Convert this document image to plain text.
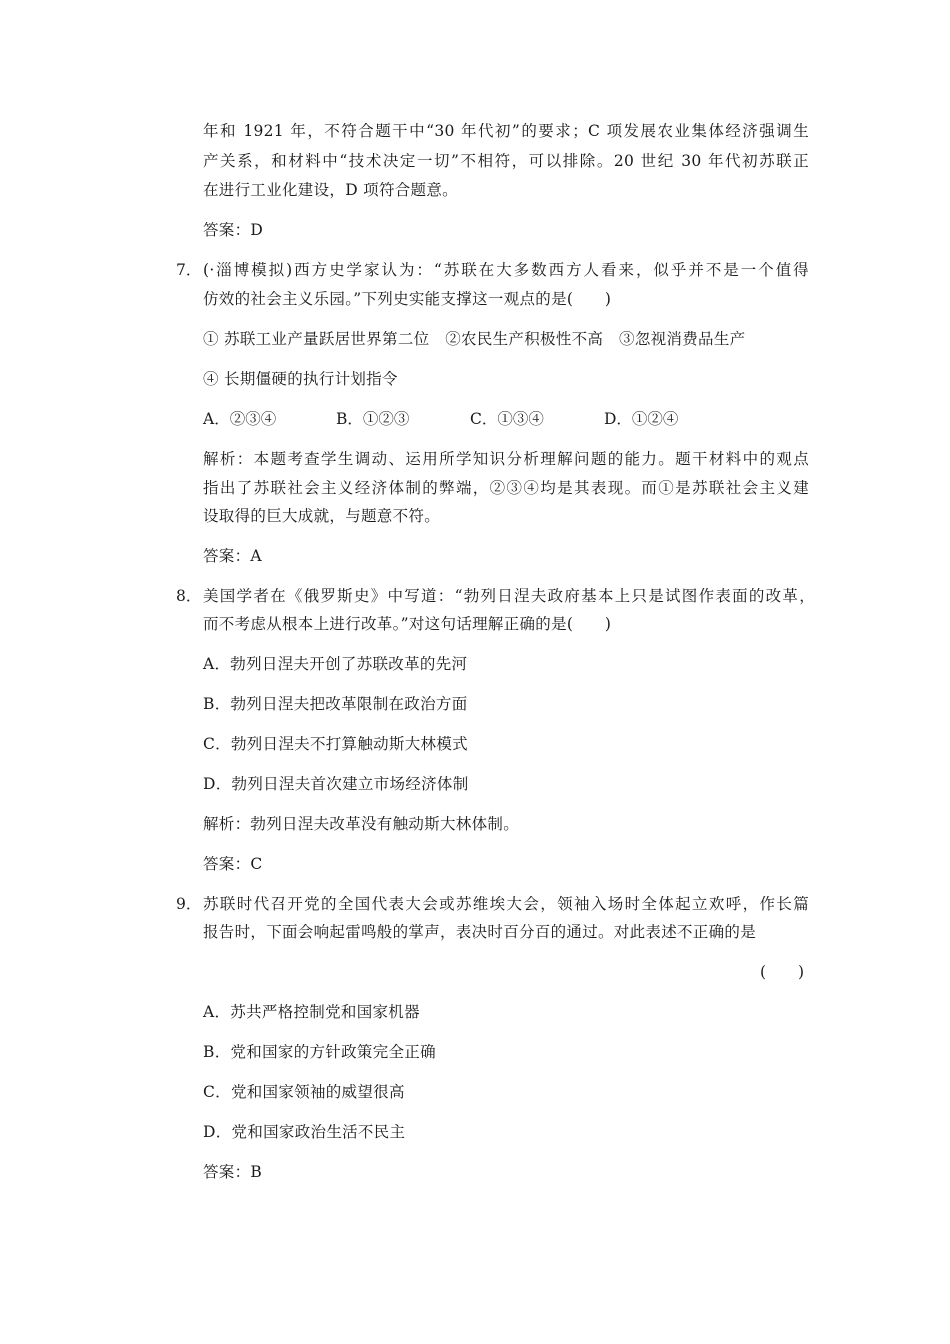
年和 1921 年，不符合题干中“30 年代初”的要求；C 项发展农业集体经济强调生
产关系，和材料中“技术决定一切”不相符，可以排除。20 世纪 30 年代初苏联正
在进行工业化建设，D 项符合题意。
答案：D
7． (·淄博模拟)西方史学家认为：“苏联在大多数西方人看来，似乎并不是一个值得
仿效的社会主义乐园。”下列史实能支撑这一观点的是(　　)
① 苏联工业产量跃居世界第二位　②农民生产积极性不高　③忽视消费品生产
④ 长期僵硬的执行计划指令
A．②③④	B．①②③	C．①③④	D．①②④
解析：本题考查学生调动、运用所学知识分析理解问题的能力。题干材料中的观点
指出了苏联社会主义经济体制的弊端，②③④均是其表现。而①是苏联社会主义建
设取得的巨大成就，与题意不符。
答案：A
8． 美国学者在《俄罗斯史》中写道：“勃列日涅夫政府基本上只是试图作表面的改革，
而不考虑从根本上进行改革。”对这句话理解正确的是(　　)
A．勃列日涅夫开创了苏联改革的先河
B．勃列日涅夫把改革限制在政治方面
C．勃列日涅夫不打算触动斯大林模式
D．勃列日涅夫首次建立市场经济体制
解析：勃列日涅夫改革没有触动斯大林体制。
答案：C
9． 苏联时代召开党的全国代表大会或苏维埃大会，领袖入场时全体起立欢呼，作长篇
报告时，下面会响起雷鸣般的掌声，表决时百分百的通过。对此表述不正确的是
(　　)
A．苏共严格控制党和国家机器
B．党和国家的方针政策完全正确
C．党和国家领袖的威望很高
D．党和国家政治生活不民主
答案：B
